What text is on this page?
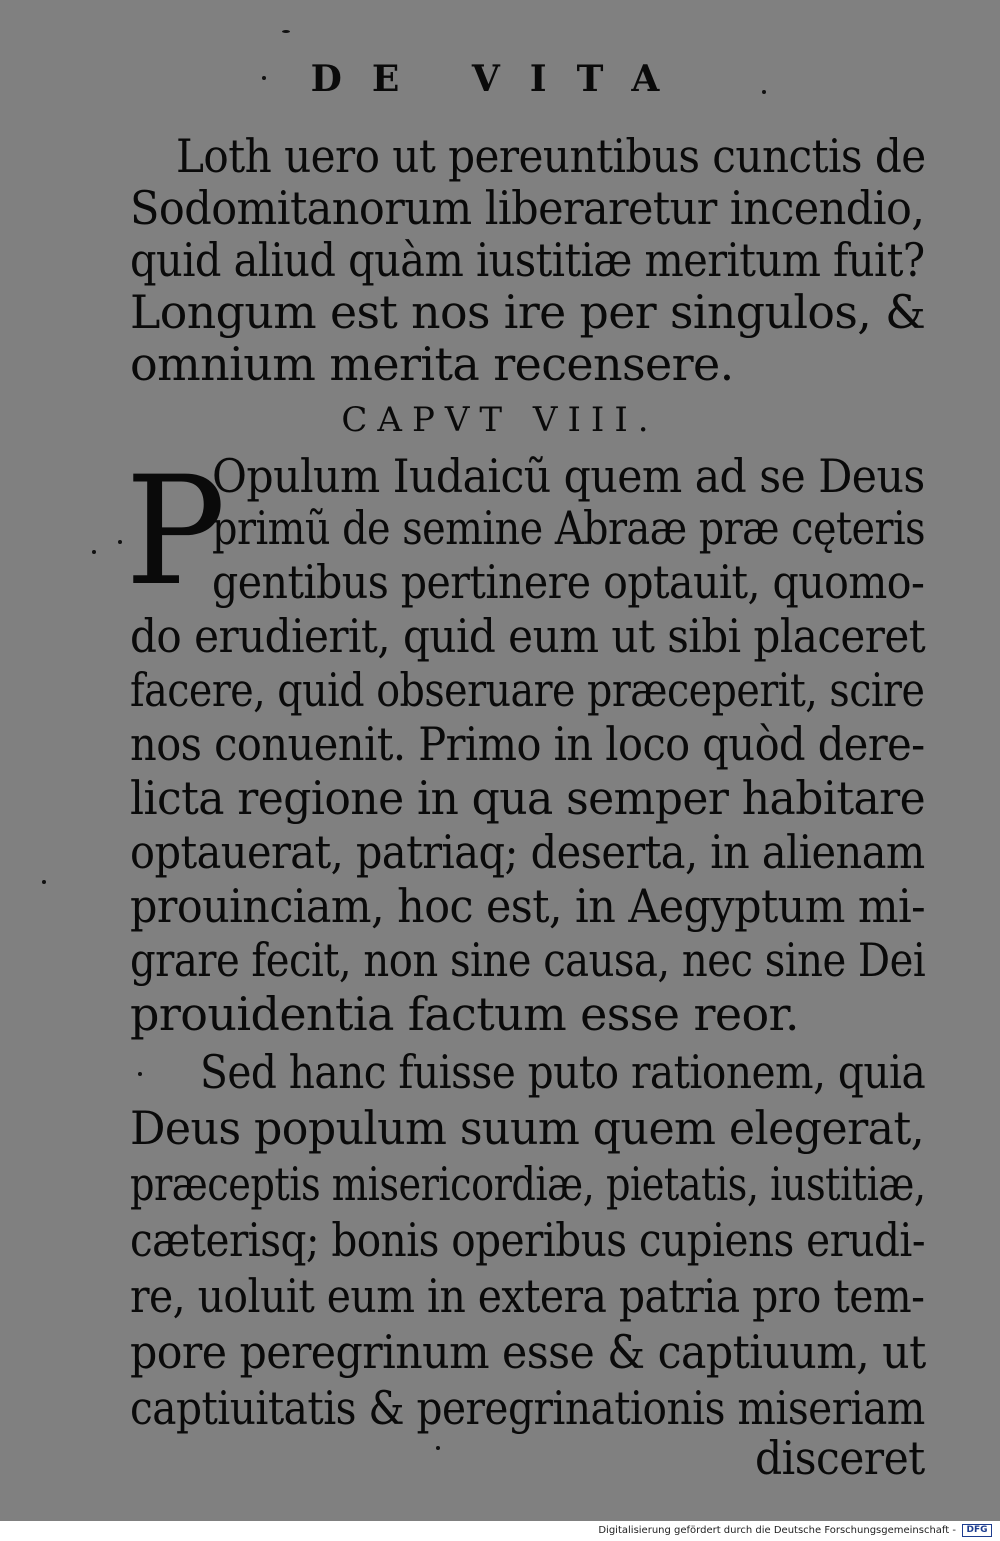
DE VITA
Loth uero ut pereuntibus cunctis de
Sodomitanorum liberaretur incendio,
quid aliud quàm iustitiæ meritum fuit?
Longum est nos ire per singulos, &
omnium merita recensere.
CAPVT VIII.
P
Opulum Iudaicũ quem ad se Deus
primũ de semine Abraæ præ cęteris
gentibus pertinere optauit, quomo-
do erudierit, quid eum ut sibi placeret
facere, quid obseruare præceperit, scire
nos conuenit. Primo in loco quòd dere-
licta regione in qua semper habitare
optauerat, patriaq; deserta, in alienam
prouinciam, hoc est, in Aegyptum mi-
grare fecit, non sine causa, nec sine Dei
prouidentia factum esse reor.
Sed hanc fuisse puto rationem, quia
Deus populum suum quem elegerat,
præceptis misericordiæ, pietatis, iustitiæ,
cæterisq; bonis operibus cupiens erudi-
re, uoluit eum in extera patria pro tem-
pore peregrinum esse & captiuum, ut
captiuitatis & peregrinationis miseriam
disceret
Digitalisierung gefördert durch die Deutsche Forschungsgemeinschaft -	DFG
